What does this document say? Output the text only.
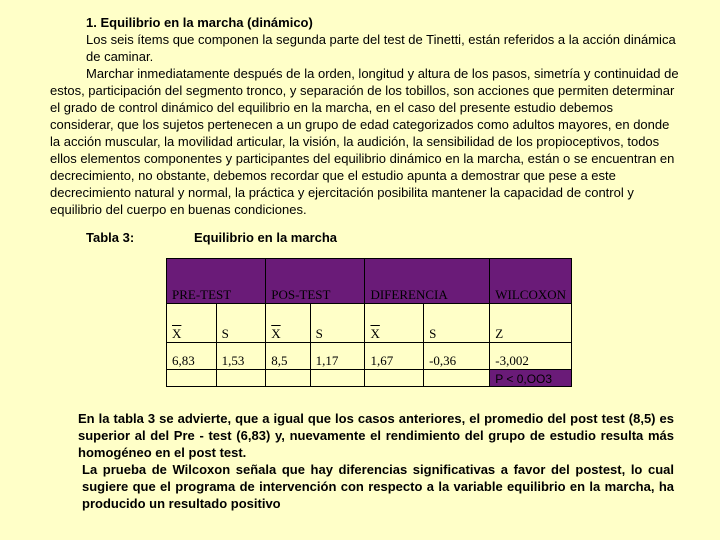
1. Equilibrio en la marcha (dinámico)
Los seis ítems que componen la segunda parte del test de Tinetti, están referidos a la acción dinámica de caminar.
Marchar inmediatamente después de la orden, longitud y altura de los pasos, simetría y continuidad de estos, participación del segmento tronco, y separación de los tobillos, son acciones que permiten determinar el grado de control dinámico del equilibrio en la marcha, en el caso del presente estudio debemos considerar, que los sujetos pertenecen a un grupo de edad categorizados como adultos mayores, en donde la acción muscular, la movilidad articular, la visión, la audición, la sensibilidad de los propioceptivos, todos ellos elementos componentes y participantes del equilibrio dinámico en la marcha, están o se encuentran en decrecimiento, no obstante, debemos recordar que el estudio apunta a demostrar que pese a este decrecimiento natural y normal, la práctica y ejercitación posibilita mantener la capacidad de control y equilibrio del cuerpo en buenas condiciones.
Tabla 3:	Equilibrio en la marcha
PRE-TEST		POS-TEST		DIFERENCIA		WILCOXON
$\overline{X}$	S	$\overline{X}$	S	$\overline{X}$	S	Z
6,83	1,53	8,5	1,17	1,67	-0,36	-3,002
						P < 0,OO3
En la tabla 3 se advierte, que a igual que los casos anteriores, el promedio del post test (8,5) es superior al del Pre - test (6,83) y, nuevamente el rendimiento del grupo de estudio resulta más homogéneo en el post test.
La prueba de Wilcoxon señala que hay diferencias significativas a favor del postest, lo cual sugiere que el programa de intervención con respecto a la variable equilibrio en la marcha, ha producido un resultado positivo
